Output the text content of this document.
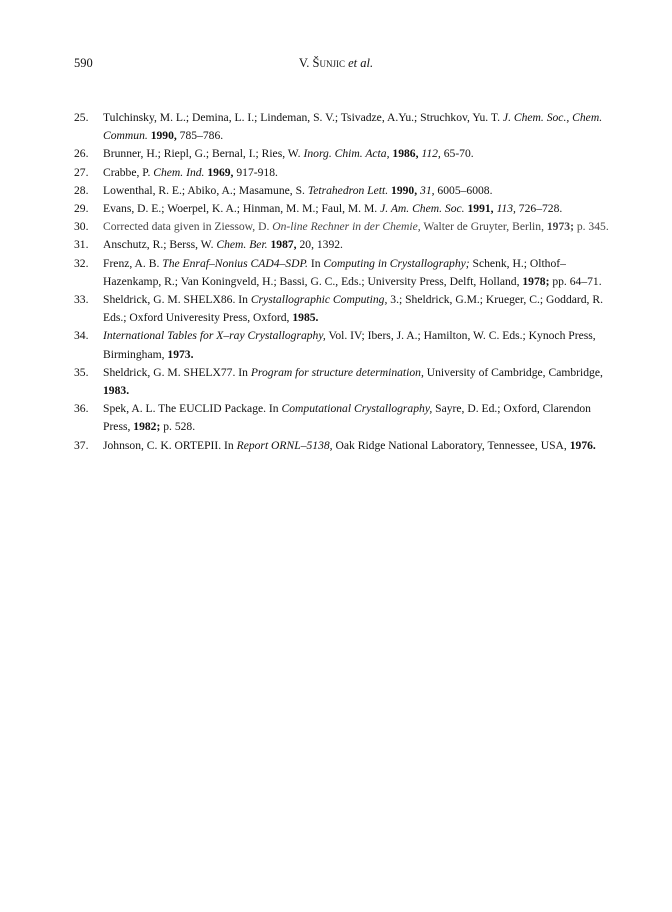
590	V. Šunjic et al.
25. Tulchinsky, M. L.; Demina, L. I.; Lindeman, S. V.; Tsivadze, A.Yu.; Struchkov, Yu. T. J. Chem. Soc., Chem. Commun. 1990, 785–786.
26. Brunner, H.; Riepl, G.; Bernal, I.; Ries, W. Inorg. Chim. Acta, 1986, 112, 65-70.
27. Crabbe, P. Chem. Ind. 1969, 917-918.
28. Lowenthal, R. E.; Abiko, A.; Masamune, S. Tetrahedron Lett. 1990, 31, 6005–6008.
29. Evans, D. E.; Woerpel, K. A.; Hinman, M. M.; Faul, M. M. J. Am. Chem. Soc. 1991, 113, 726–728.
30. Corrected data given in Ziessow, D. On-line Rechner in der Chemie, Walter de Gruyter, Berlin, 1973; p. 345.
31. Anschutz, R.; Berss, W. Chem. Ber. 1987, 20, 1392.
32. Frenz, A. B. The Enraf–Nonius CAD4–SDP. In Computing in Crystallography; Schenk, H.; Olthof–Hazenkamp, R.; Van Koningveld, H.; Bassi, G. C., Eds.; University Press, Delft, Holland, 1978; pp. 64–71.
33. Sheldrick, G. M. SHELX86. In Crystallographic Computing, 3.; Sheldrick, G.M.; Krueger, C.; Goddard, R. Eds.; Oxford Univeresity Press, Oxford, 1985.
34. International Tables for X–ray Crystallography, Vol. IV; Ibers, J. A.; Hamilton, W. C. Eds.; Kynoch Press, Birmingham, 1973.
35. Sheldrick, G. M. SHELX77. In Program for structure determination, University of Cambridge, Cambridge, 1983.
36. Spek, A. L. The EUCLID Package. In Computational Crystallography, Sayre, D. Ed.; Oxford, Clarendon Press, 1982; p. 528.
37. Johnson, C. K. ORTEPII. In Report ORNL–5138, Oak Ridge National Laboratory, Tennessee, USA, 1976.
